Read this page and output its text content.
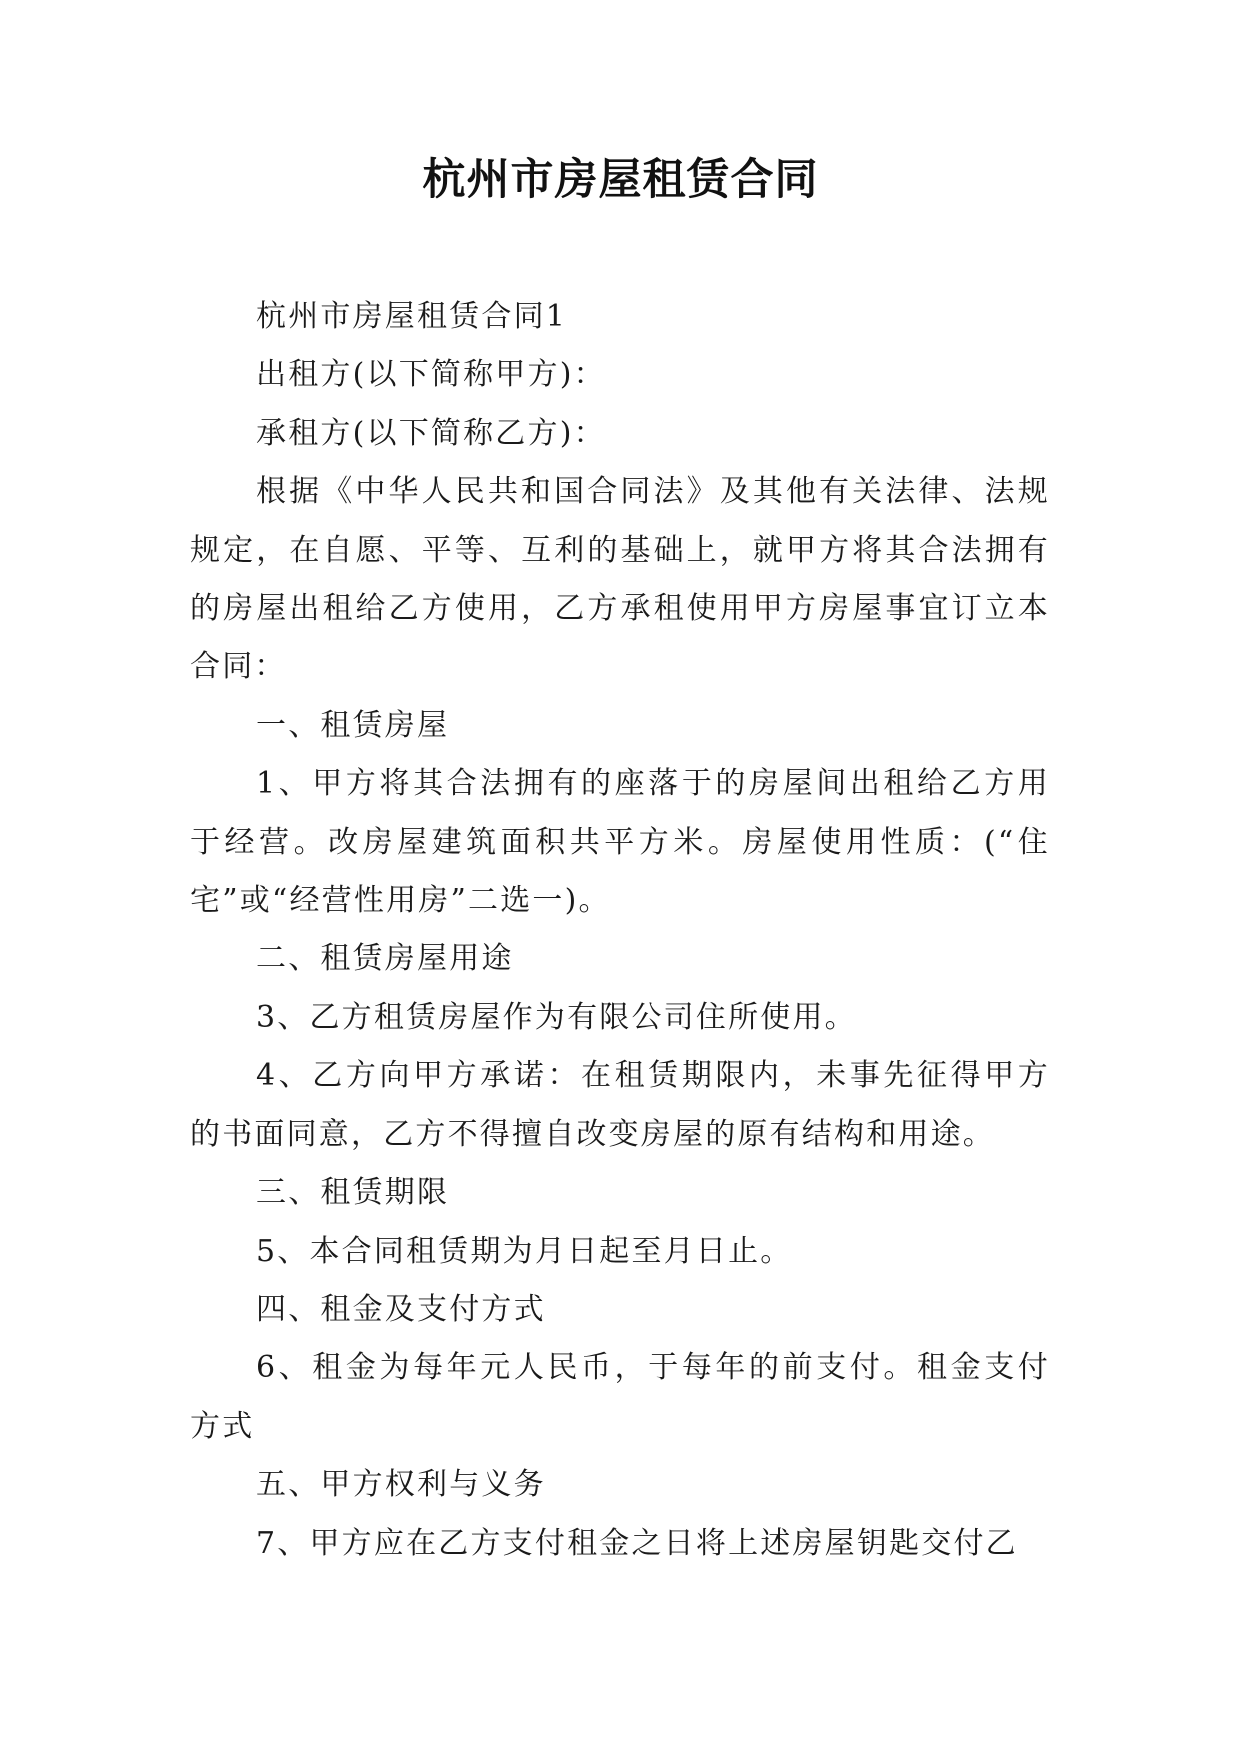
杭州市房屋租赁合同

杭州市房屋租赁合同1

出租方(以下简称甲方)：

承租方(以下简称乙方)：

根据《中华人民共和国合同法》及其他有关法律、法规规定，在自愿、平等、互利的基础上，就甲方将其合法拥有的房屋出租给乙方使用，乙方承租使用甲方房屋事宜订立本合同：

一、租赁房屋

1、甲方将其合法拥有的座落于的房屋间出租给乙方用于经营。改房屋建筑面积共平方米。房屋使用性质：(“住宅”或“经营性用房”二选一)。

二、租赁房屋用途

3、乙方租赁房屋作为有限公司住所使用。

4、乙方向甲方承诺：在租赁期限内，未事先征得甲方的书面同意，乙方不得擅自改变房屋的原有结构和用途。

三、租赁期限

5、本合同租赁期为月日起至月日止。

四、租金及支付方式

6、租金为每年元人民币，于每年的前支付。租金支付方式

五、甲方权利与义务

7、甲方应在乙方支付租金之日将上述房屋钥匙交付乙
